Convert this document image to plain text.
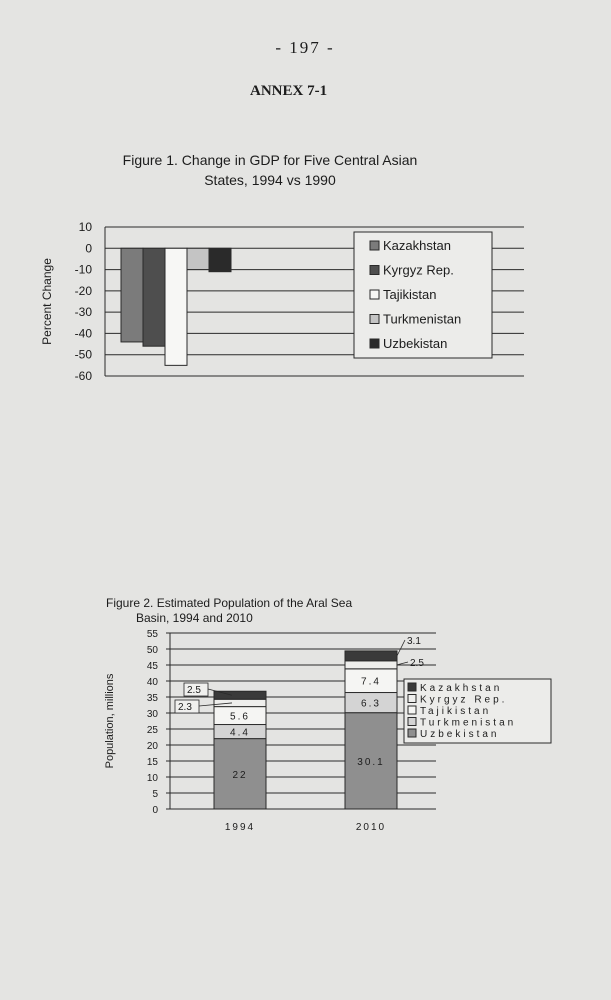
- 197 -
ANNEX 7-1
Figure 1. Change in GDP for Five Central Asian
States, 1994 vs 1990
10
0
-10
-20
-30
-40
-50
-60
Percent Change
Kazakhstan
Kyrgyz Rep.
Tajikistan
Turkmenistan
Uzbekistan
Figure 2. Estimated Population of the Aral Sea
Basin, 1994 and 2010
55
50
45
40
35
30
25
20
15
10
5
0
Population, millions
1994
22
4.4
5.6
2.3
2.5
2010
30.1
6.3
7.4
2.5
3.1
Kazakhstan
Kyrgyz Rep.
Tajikistan
Turkmenistan
Uzbekistan
